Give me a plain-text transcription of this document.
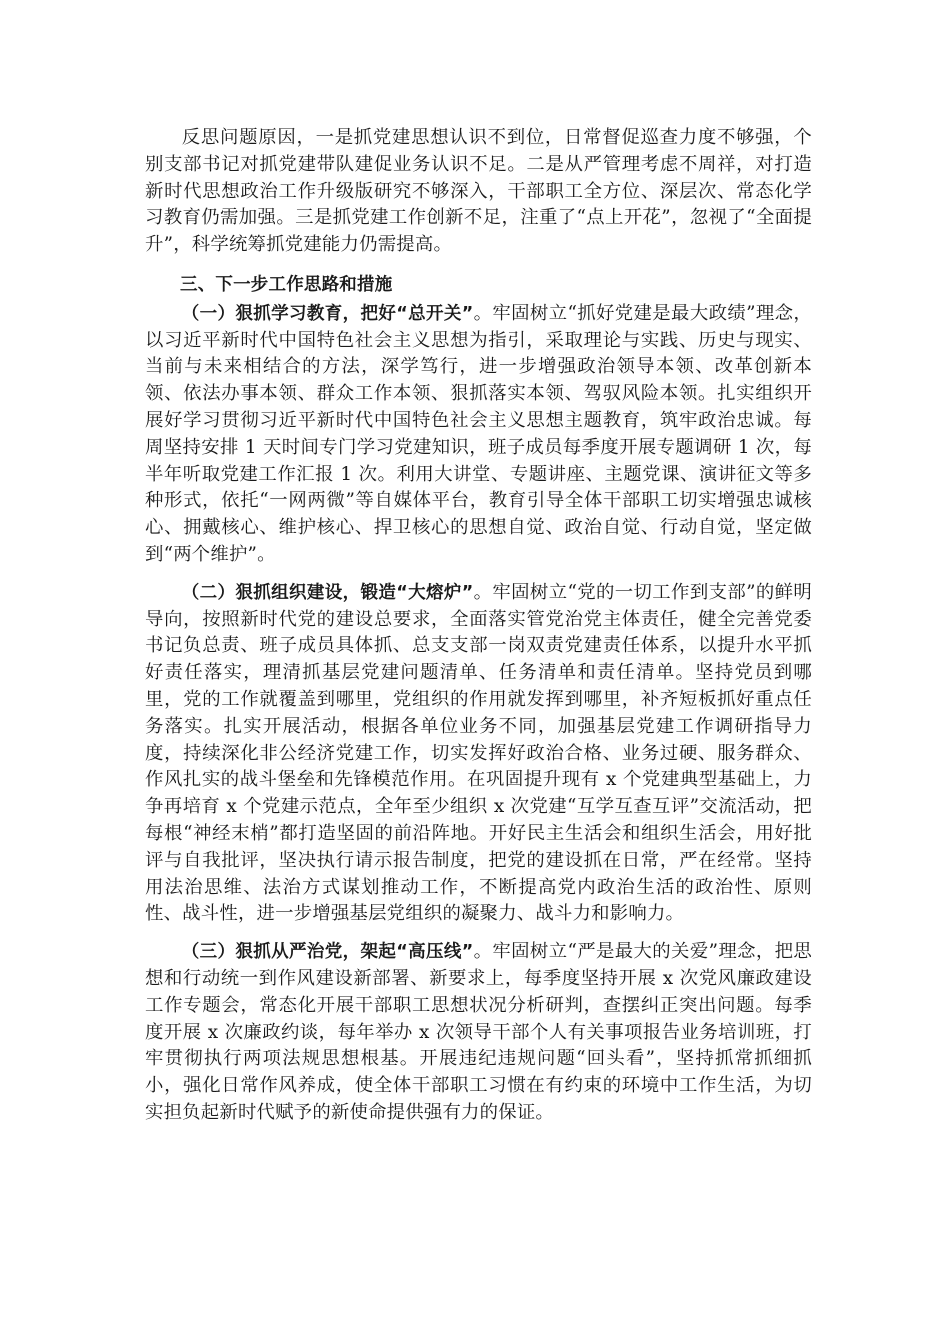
反思问题原因，一是抓党建思想认识不到位，日常督促巡查力度不够强，个别支部书记对抓党建带队建促业务认识不足。二是从严管理考虑不周祥，对打造新时代思想政治工作升级版研究不够深入，干部职工全方位、深层次、常态化学习教育仍需加强。三是抓党建工作创新不足，注重了“点上开花”，忽视了“全面提升”，科学统筹抓党建能力仍需提高。

三、下一步工作思路和措施

（一）狠抓学习教育，把好“总开关”。牢固树立“抓好党建是最大政绩”理念，以习近平新时代中国特色社会主义思想为指引，采取理论与实践、历史与现实、当前与未来相结合的方法，深学笃行，进一步增强政治领导本领、改革创新本领、依法办事本领、群众工作本领、狠抓落实本领、驾驭风险本领。扎实组织开展好学习贯彻习近平新时代中国特色社会主义思想主题教育，筑牢政治忠诚。每周坚持安排 1 天时间专门学习党建知识，班子成员每季度开展专题调研 1 次，每半年听取党建工作汇报 1 次。利用大讲堂、专题讲座、主题党课、演讲征文等多种形式，依托“一网两微”等自媒体平台，教育引导全体干部职工切实增强忠诚核心、拥戴核心、维护核心、捍卫核心的思想自觉、政治自觉、行动自觉，坚定做到“两个维护”。

（二）狠抓组织建设，锻造“大熔炉”。牢固树立“党的一切工作到支部”的鲜明导向，按照新时代党的建设总要求，全面落实管党治党主体责任，健全完善党委书记负总责、班子成员具体抓、总支支部一岗双责党建责任体系，以提升水平抓好责任落实，理清抓基层党建问题清单、任务清单和责任清单。坚持党员到哪里，党的工作就覆盖到哪里，党组织的作用就发挥到哪里，补齐短板抓好重点任务落实。扎实开展活动，根据各单位业务不同，加强基层党建工作调研指导力度，持续深化非公经济党建工作，切实发挥好政治合格、业务过硬、服务群众、作风扎实的战斗堡垒和先锋模范作用。在巩固提升现有 x 个党建典型基础上，力争再培育 x 个党建示范点，全年至少组织 x 次党建“互学互查互评”交流活动，把每根“神经末梢”都打造坚固的前沿阵地。开好民主生活会和组织生活会，用好批评与自我批评，坚决执行请示报告制度，把党的建设抓在日常，严在经常。坚持用法治思维、法治方式谋划推动工作，不断提高党内政治生活的政治性、原则性、战斗性，进一步增强基层党组织的凝聚力、战斗力和影响力。

（三）狠抓从严治党，架起“高压线”。牢固树立“严是最大的关爱”理念，把思想和行动统一到作风建设新部署、新要求上，每季度坚持开展 x 次党风廉政建设工作专题会，常态化开展干部职工思想状况分析研判，查摆纠正突出问题。每季度开展 x 次廉政约谈，每年举办 x 次领导干部个人有关事项报告业务培训班，打牢贯彻执行两项法规思想根基。开展违纪违规问题“回头看”，坚持抓常抓细抓小，强化日常作风养成，使全体干部职工习惯在有约束的环境中工作生活，为切实担负起新时代赋予的新使命提供强有力的保证。
